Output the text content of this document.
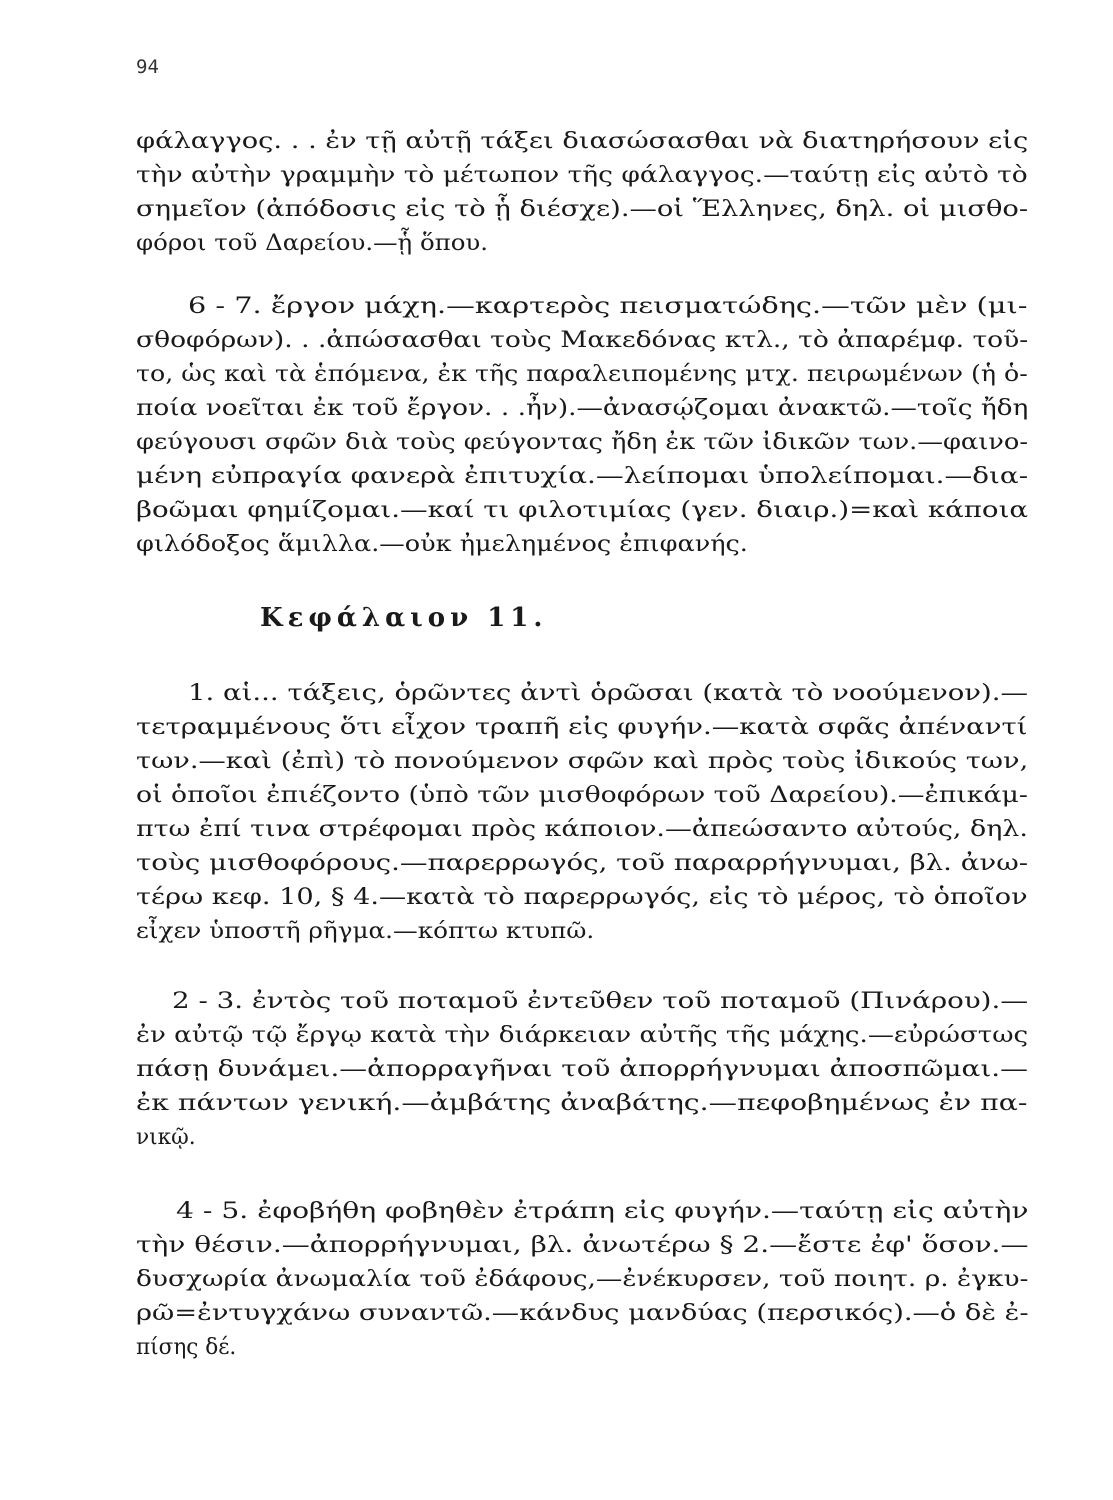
94
φάλαγγος. . . ἐν τῇ αὐτῇ τάξει διασώσασθαι νὰ διατηρήσουν εἰς
τὴν αὐτὴν γραμμὴν τὸ μέτωπον τῆς φάλαγγος.—ταύτῃ εἰς αὐτὸ τὸ
σημεῖον (ἀπόδοσις εἰς τὸ ᾗ διέσχε).—οἱ Ἕλληνες, δηλ. οἱ μισθο-
φόροι τοῦ Δαρείου.—ᾗ ὅπου.
6 - 7. ἔργον μάχη.—καρτερὸς πεισματώδης.—τῶν μὲν (μι-
σθοφόρων). . .ἀπώσασθαι τοὺς Μακεδόνας κτλ., τὸ ἀπαρέμφ. τοῦ-
το, ὡς καὶ τὰ ἑπόμενα, ἐκ τῆς παραλειπομένης μτχ. πειρωμένων (ἡ ὁ-
ποία νοεῖται ἐκ τοῦ ἔργον. . .ἦν).—ἀνασῴζομαι ἀνακτῶ.—τοῖς ἤδη
φεύγουσι σφῶν διὰ τοὺς φεύγοντας ἤδη ἐκ τῶν ἰδικῶν των.—φαινο-
μένη εὐπραγία φανερὰ ἐπιτυχία.—λείπομαι ὑπολείπομαι.—δια-
βοῶμαι φημίζομαι.—καί τι φιλοτιμίας (γεν. διαιρ.)=καὶ κάποια
φιλόδοξος ἅμιλλα.—οὐκ ἠμελημένος ἐπιφανής.
Κεφάλαιον 11.
1. αἱ... τάξεις, ὁρῶντες ἀντὶ ὁρῶσαι (κατὰ τὸ νοούμενον).—
τετραμμένους ὅτι εἶχον τραπῆ εἰς φυγήν.—κατὰ σφᾶς ἀπέναντί
των.—καὶ (ἐπὶ) τὸ πονούμενον σφῶν καὶ πρὸς τοὺς ἰδικούς των,
οἱ ὁποῖοι ἐπιέζοντο (ὑπὸ τῶν μισθοφόρων τοῦ Δαρείου).—ἐπικάμ-
πτω ἐπί τινα στρέφομαι πρὸς κάποιον.—ἀπεώσαντο αὐτούς, δηλ.
τοὺς μισθοφόρους.—παρερρωγός, τοῦ παραρρήγνυμαι, βλ. ἀνω-
τέρω κεφ. 10, § 4.—κατὰ τὸ παρερρωγός, εἰς τὸ μέρος, τὸ ὁποῖον
εἶχεν ὑποστῆ ρῆγμα.—κόπτω κτυπῶ.
2 - 3. ἐντὸς τοῦ ποταμοῦ ἐντεῦθεν τοῦ ποταμοῦ (Πινάρου).—
ἐν αὐτῷ τῷ ἔργῳ κατὰ τὴν διάρκειαν αὐτῆς τῆς μάχης.—εὐρώστως
πάσῃ δυνάμει.—ἀπορραγῆναι τοῦ ἀπορρήγνυμαι ἀποσπῶμαι.—
ἐκ πάντων γενική.—ἀμβάτης ἀναβάτης.—πεφοβημένως ἐν πα-
νικῷ.
4 - 5. ἐφοβήθη φοβηθὲν ἐτράπη εἰς φυγήν.—ταύτῃ εἰς αὐτὴν
τὴν θέσιν.—ἀπορρήγνυμαι, βλ. ἀνωτέρω § 2.—ἔστε ἐφ' ὅσον.—
δυσχωρία ἀνωμαλία τοῦ ἐδάφους,—ἐνέκυρσεν, τοῦ ποιητ. ρ. ἐγκυ-
ρῶ=ἐντυγχάνω συναντῶ.—κάνδυς μανδύας (περσικός).—ὁ δὲ ἐ-
πίσης δέ.
